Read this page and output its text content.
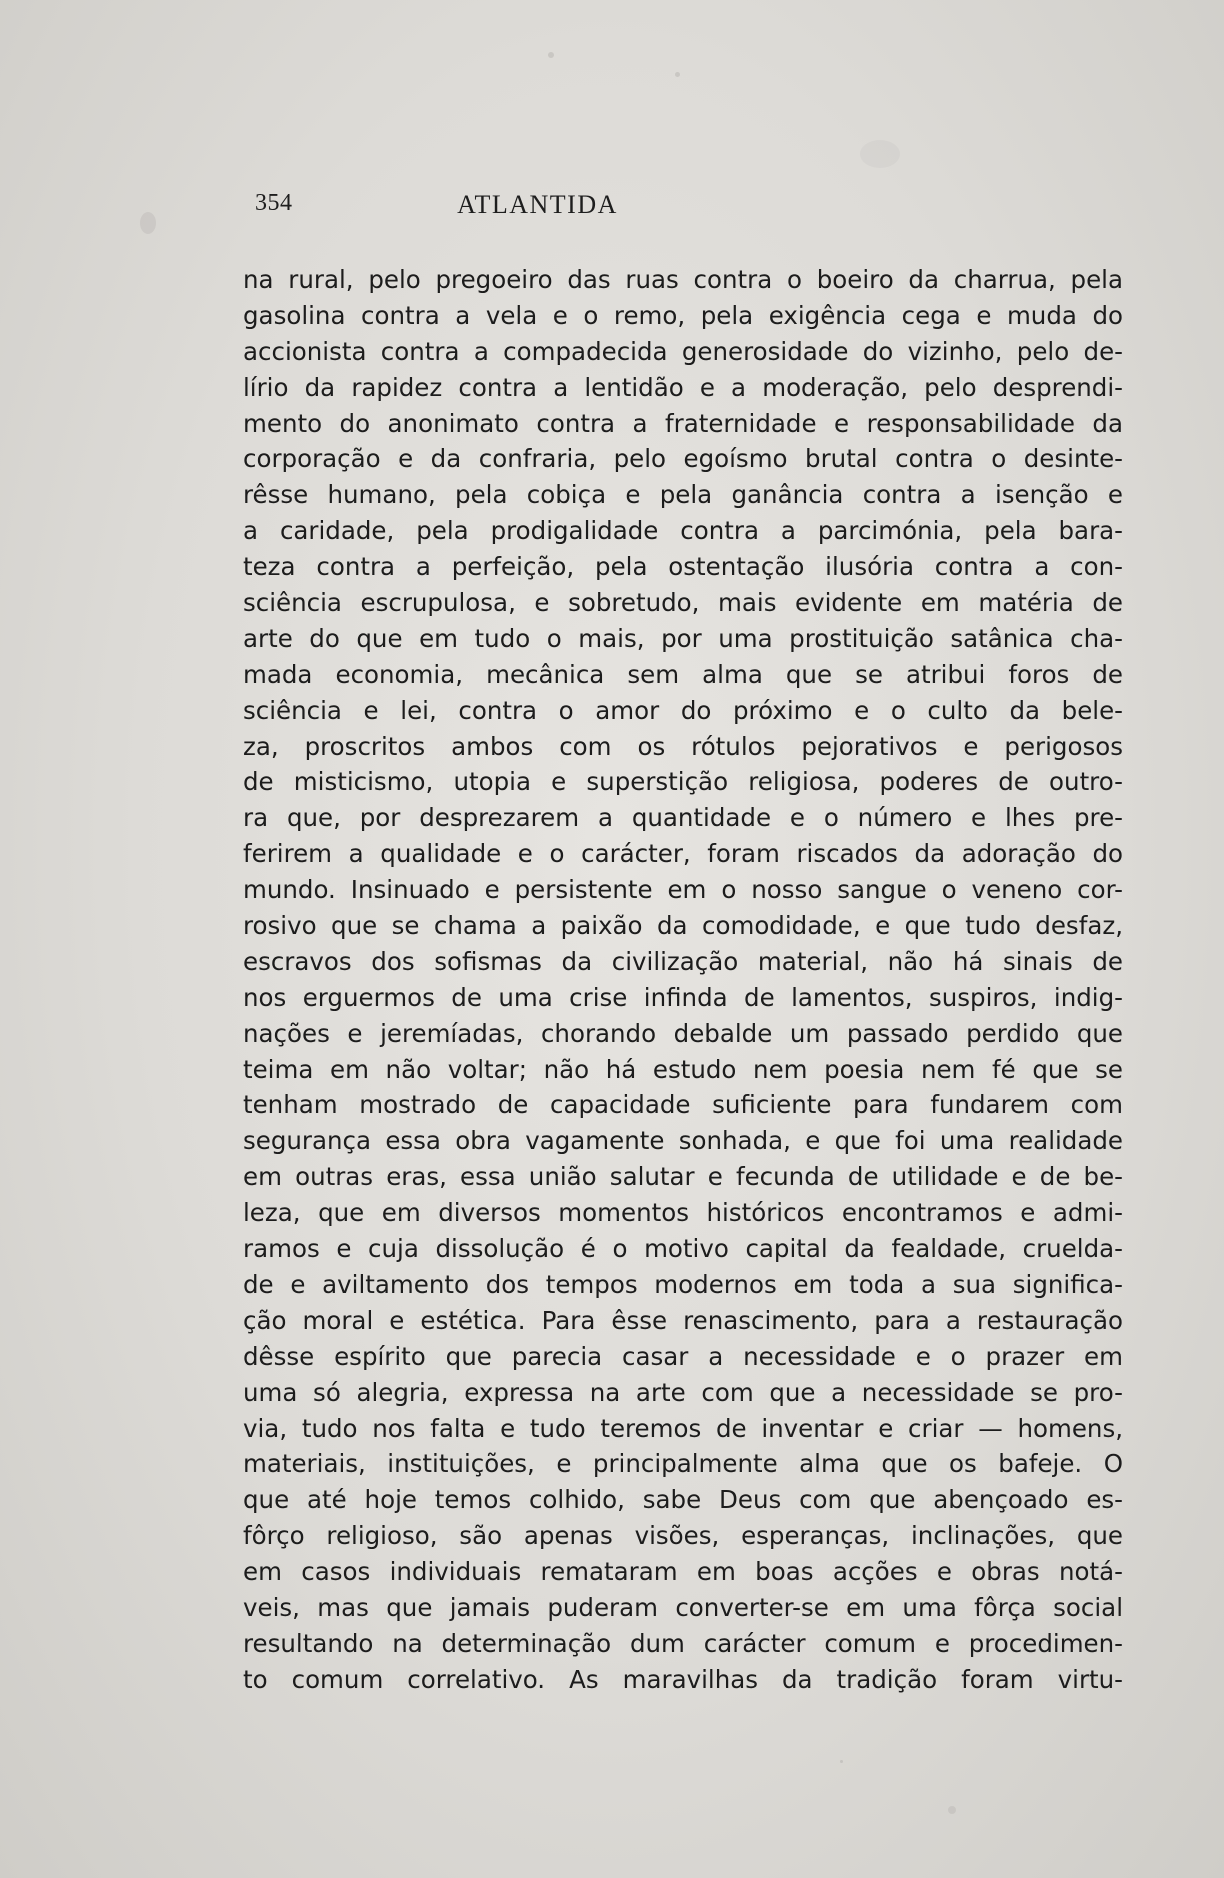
354	ATLANTIDA
na rural, pelo pregoeiro das ruas contra o boeiro da charrua, pela
gasolina contra a vela e o remo, pela exigência cega e muda do
accionista contra a compadecida generosidade do vizinho, pelo de-
lírio da rapidez contra a lentidão e a moderação, pelo desprendi-
mento do anonimato contra a fraternidade e responsabilidade da
corporação e da confraria, pelo egoísmo brutal contra o desinte-
rêsse humano, pela cobiça e pela ganância contra a isenção e
a caridade, pela prodigalidade contra a parcimónia, pela bara-
teza contra a perfeição, pela ostentação ilusória contra a con-
sciência escrupulosa, e sobretudo, mais evidente em matéria de
arte do que em tudo o mais, por uma prostituição satânica cha-
mada economia, mecânica sem alma que se atribui foros de
sciência e lei, contra o amor do próximo e o culto da bele-
za, proscritos ambos com os rótulos pejorativos e perigosos
de misticismo, utopia e superstição religiosa, poderes de outro-
ra que, por desprezarem a quantidade e o número e lhes pre-
ferirem a qualidade e o carácter, foram riscados da adoração do
mundo. Insinuado e persistente em o nosso sangue o veneno cor-
rosivo que se chama a paixão da comodidade, e que tudo desfaz,
escravos dos sofismas da civilização material, não há sinais de
nos erguermos de uma crise infinda de lamentos, suspiros, indig-
nações e jeremíadas, chorando debalde um passado perdido que
teima em não voltar; não há estudo nem poesia nem fé que se
tenham mostrado de capacidade suficiente para fundarem com
segurança essa obra vagamente sonhada, e que foi uma realidade
em outras eras, essa união salutar e fecunda de utilidade e de be-
leza, que em diversos momentos históricos encontramos e admi-
ramos e cuja dissolução é o motivo capital da fealdade, crueldа-
de e aviltamento dos tempos modernos em toda a sua significa-
ção moral e estética. Para êsse renascimento, para a restauração
dêsse espírito que parecia casar a necessidade e o prazer em
uma só alegria, expressa na arte com que a necessidade se pro-
via, tudo nos falta e tudo teremos de inventar e criar — homens,
materiais, instituições, e principalmente alma que os bafeje. O
que até hoje temos colhido, sabe Deus com que abençoado es-
fôrço religioso, são apenas visões, esperanças, inclinações, que
em casos individuais remataram em boas acções e obras notá-
veis, mas que jamais puderam converter-se em uma fôrça social
resultando na determinação dum carácter comum e procedimen-
to comum correlativo. As maravilhas da tradição foram virtu-
